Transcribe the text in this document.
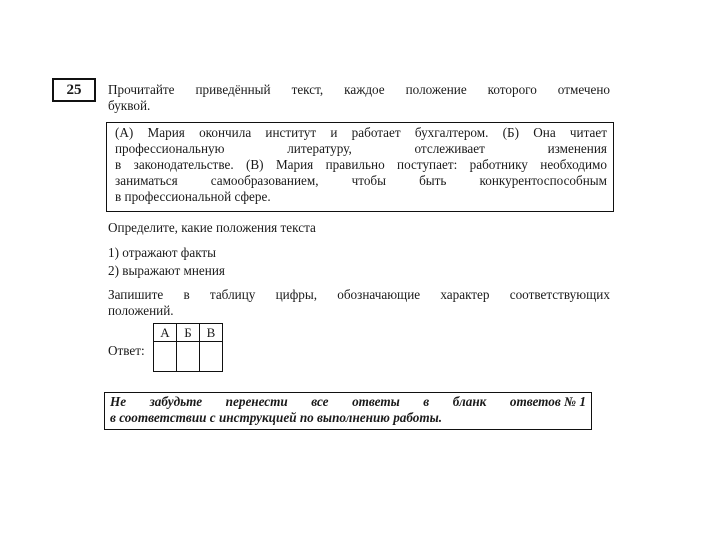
25	Прочитайте приведённый текст, каждое положение которого отмечено
буквой.
(А) Мария окончила институт и работает бухгалтером. (Б) Она читает
профессиональную	литературу,	отслеживает	изменения
в законодательстве. (В) Мария правильно поступает: работнику необходимо
заниматься	самообразованием,	чтобы	быть	конкурентоспособным
в профессиональной сфере.
Определите, какие положения текста
1) отражают факты
2) выражают мнения
Запишите в таблицу цифры, обозначающие характер соответствующих
положений.
Ответ:
А	Б	В

Не забудьте перенести все ответы в бланк ответов № 1
в соответствии с инструкцией по выполнению работы.
